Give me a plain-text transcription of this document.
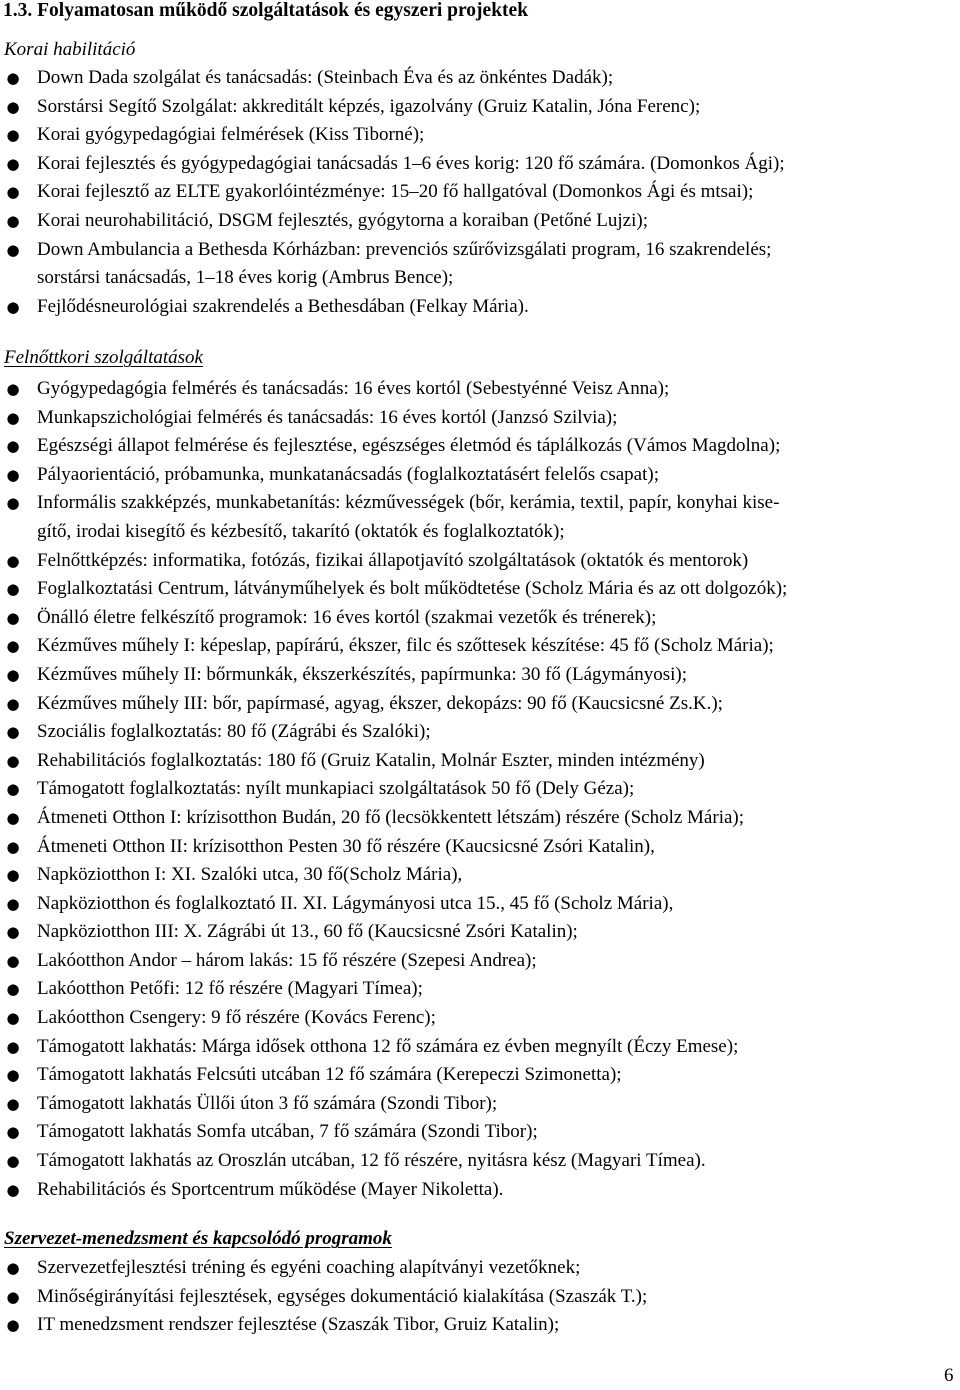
1.3. Folyamatosan működő szolgáltatások és egyszeri projektek
Korai habilitáció
● Down Dada szolgálat és tanácsadás: (Steinbach Éva és az önkéntes Dadák);
● Sorstársi Segítő Szolgálat: akkreditált képzés, igazolvány (Gruiz Katalin, Jóna Ferenc);
● Korai gyógypedagógiai felmérések (Kiss Tiborné);
● Korai fejlesztés és gyógypedagógiai tanácsadás 1–6 éves korig: 120 fő számára. (Domonkos Ági);
● Korai fejlesztő az ELTE gyakorlóintézménye: 15–20 fő hallgatóval (Domonkos Ági és mtsai);
● Korai neurohabilitáció, DSGM fejlesztés, gyógytorna a koraiban (Petőné Lujzi);
● Down Ambulancia a Bethesda Kórházban: prevenciós szűrővizsgálati program, 16 szakrendelés;
sorstársi tanácsadás, 1–18 éves korig (Ambrus Bence);
● Fejlődésneurológiai szakrendelés a Bethesdában (Felkay Mária).
Felnőttkori szolgáltatások
● Gyógypedagógia felmérés és tanácsadás: 16 éves kortól (Sebestyénné Veisz Anna);
● Munkapszichológiai felmérés és tanácsadás: 16 éves kortól (Janzsó Szilvia);
● Egészségi állapot felmérése és fejlesztése, egészséges életmód és táplálkozás (Vámos Magdolna);
● Pályaorientáció, próbamunka, munkatanácsadás (foglalkoztatásért felelős csapat);
● Informális szakképzés, munkabetanítás: kézművességek (bőr, kerámia, textil, papír, konyhai kise-
gítő, irodai kisegítő és kézbesítő, takarító (oktatók és foglalkoztatók);
● Felnőttképzés: informatika, fotózás, fizikai állapotjavító szolgáltatások (oktatók és mentorok)
● Foglalkoztatási Centrum, látványműhelyek és bolt működtetése (Scholz Mária és az ott dolgozók);
● Önálló életre felkészítő programok: 16 éves kortól (szakmai vezetők és trénerek);
● Kézműves műhely I: képeslap, papírárú, ékszer, filc és szőttesek készítése: 45 fő (Scholz Mária);
● Kézműves műhely II: bőrmunkák, ékszerkészítés, papírmunka: 30 fő (Lágymányosi);
● Kézműves műhely III: bőr, papírmasé, agyag, ékszer, dekopázs: 90 fő (Kaucsicsné Zs.K.);
● Szociális foglalkoztatás: 80 fő (Zágrábi és Szalóki);
● Rehabilitációs foglalkoztatás: 180 fő (Gruiz Katalin, Molnár Eszter, minden intézmény)
● Támogatott foglalkoztatás: nyílt munkapiaci szolgáltatások 50 fő (Dely Géza);
● Átmeneti Otthon I: krízisotthon Budán, 20 fő (lecsökkentett létszám) részére (Scholz Mária);
● Átmeneti Otthon II: krízisotthon Pesten 30 fő részére (Kaucsicsné Zsóri Katalin),
● Napköziotthon I: XI. Szalóki utca, 30 fő(Scholz Mária),
● Napköziotthon és foglalkoztató II. XI. Lágymányosi utca 15., 45 fő (Scholz Mária),
● Napköziotthon III: X. Zágrábi út 13., 60 fő (Kaucsicsné Zsóri Katalin);
● Lakóotthon Andor – három lakás: 15 fő részére (Szepesi Andrea);
● Lakóotthon Petőfi: 12 fő részére (Magyari Tímea);
● Lakóotthon Csengery: 9 fő részére (Kovács Ferenc);
● Támogatott lakhatás: Márga idősek otthona 12 fő számára ez évben megnyílt (Éczy Emese);
● Támogatott lakhatás Felcsúti utcában 12 fő számára (Kerepeczi Szimonetta);
● Támogatott lakhatás Üllői úton 3 fő számára (Szondi Tibor);
● Támogatott lakhatás Somfa utcában, 7 fő számára (Szondi Tibor);
● Támogatott lakhatás az Oroszlán utcában, 12 fő részére, nyitásra kész (Magyari Tímea).
● Rehabilitációs és Sportcentrum működése (Mayer Nikoletta).
Szervezet-menedzsment és kapcsolódó programok
● Szervezetfejlesztési tréning és egyéni coaching alapítványi vezetőknek;
● Minőségirányítási fejlesztések, egységes dokumentáció kialakítása (Szaszák T.);
● IT menedzsment rendszer fejlesztése (Szaszák Tibor, Gruiz Katalin);
6
